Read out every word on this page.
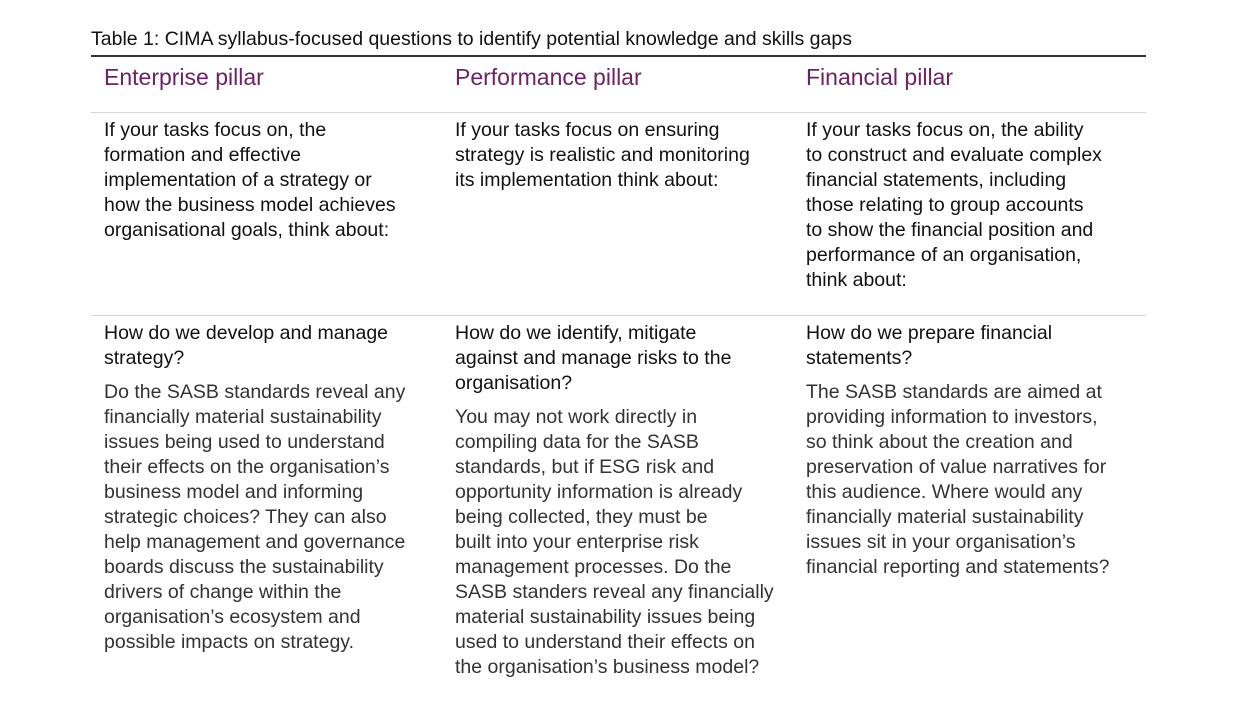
Table 1: CIMA syllabus-focused questions to identify potential knowledge and skills gaps
Enterprise pillar	Performance pillar	Financial pillar
If your tasks focus on, the
formation and effective
implementation of a strategy or
how the business model achieves
organisational goals, think about:
If your tasks focus on ensuring
strategy is realistic and monitoring
its implementation think about:
If your tasks focus on, the ability
to construct and evaluate complex
financial statements, including
those relating to group accounts
to show the financial position and
performance of an organisation,
think about:
How do we develop and manage
strategy?
Do the SASB standards reveal any
financially material sustainability
issues being used to understand
their effects on the organisation’s
business model and informing
strategic choices? They can also
help management and governance
boards discuss the sustainability
drivers of change within the
organisation’s ecosystem and
possible impacts on strategy.
How do we identify, mitigate
against and manage risks to the
organisation?
You may not work directly in
compiling data for the SASB
standards, but if ESG risk and
opportunity information is already
being collected, they must be
built into your enterprise risk
management processes. Do the
SASB standers reveal any financially
material sustainability issues being
used to understand their effects on
the organisation’s business model?
How do we prepare financial
statements?
The SASB standards are aimed at
providing information to investors,
so think about the creation and
preservation of value narratives for
this audience. Where would any
financially material sustainability
issues sit in your organisation’s
financial reporting and statements?
